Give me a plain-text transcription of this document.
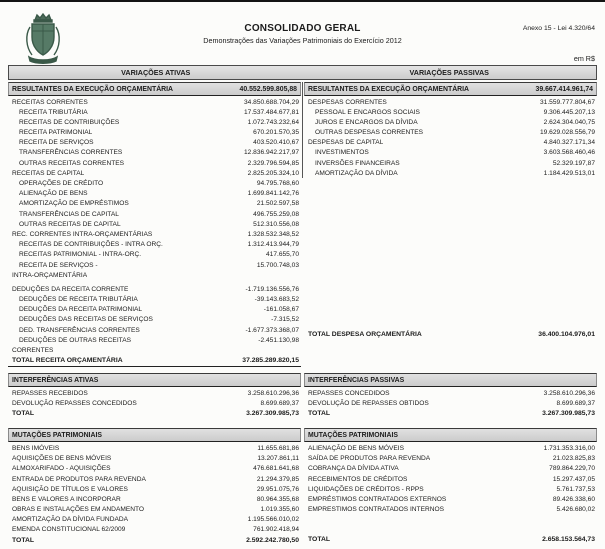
CONSOLIDADO GERAL
Demonstrações das Variações Patrimoniais do Exercício 2012
Anexo 15 - Lei 4.320/64
em R$
VARIAÇÕES ATIVAS	VARIAÇÕES PASSIVAS
RESULTANTES DA EXECUÇÃO ORÇAMENTÁRIA	40.552.599.805,88
RECEITAS CORRENTES	34.850.688.704,29
RECEITA TRIBUTÁRIA	17.537.484.677,81
RECEITAS DE CONTRIBUIÇÕES	1.072.743.232,64
RECEITA PATRIMONIAL	670.201.570,35
RECEITA DE SERVIÇOS	403.520.410,67
TRANSFERÊNCIAS CORRENTES	12.836.942.217,97
OUTRAS RECEITAS CORRENTES	2.329.796.594,85
RECEITAS DE CAPITAL	2.825.205.324,10
OPERAÇÕES DE CRÉDITO	94.795.768,60
ALIENAÇÃO DE BENS	1.699.841.142,76
AMORTIZAÇÃO DE EMPRÉSTIMOS	21.502.597,58
TRANSFERÊNCIAS DE CAPITAL	496.755.259,08
OUTRAS RECEITAS DE CAPITAL	512.310.556,08
REC. CORRENTES INTRA-ORÇAMENTÁRIAS	1.328.532.348,52
RECEITAS DE CONTRIBUIÇÕES - INTRA ORÇ.	1.312.413.944,79
RECEITAS PATRIMONIAL - INTRA-ORÇ.	417.655,70
RECEITA DE SERVIÇOS -	15.700.748,03
INTRA-ORÇAMENTÁRIA
DEDUÇÕES DA RECEITA CORRENTE	-1.719.136.556,76
DEDUÇÕES DE RECEITA TRIBUTÁRIA	-39.143.683,52
DEDUÇÕES DA RECEITA PATRIMONIAL	-161.058,67
DEDUÇÕES DAS RECEITAS DE SERVIÇOS	-7.315,52
DED. TRANSFERÊNCIAS CORRENTES	-1.677.373.368,07
DEDUÇÕES DE OUTRAS RECEITAS	-2.451.130,98
CORRENTES
TOTAL RECEITA ORÇAMENTÁRIA	37.285.289.820,15
RESULTANTES DA EXECUÇÃO ORÇAMENTÁRIA	39.667.414.961,74
DESPESAS CORRENTES	31.559.777.804,67
PESSOAL E ENCARGOS SOCIAIS	9.306.445.207,13
JUROS E ENCARGOS DA DÍVIDA	2.624.304.040,75
OUTRAS DESPESAS CORRENTES	19.629.028.556,79
DESPESAS DE CAPITAL	4.840.327.171,34
INVESTIMENTOS	3.603.568.460,46
INVERSÕES FINANCEIRAS	52.329.197,87
AMORTIZAÇÃO DA DÍVIDA	1.184.429.513,01
TOTAL DESPESA ORÇAMENTÁRIA	36.400.104.976,01
INTERFERÊNCIAS ATIVAS
REPASSES RECEBIDOS	3.258.610.296,36
DEVOLUÇÃO REPASSES CONCEDIDOS	8.699.689,37
TOTAL	3.267.309.985,73
INTERFERÊNCIAS PASSIVAS
REPASSES CONCEDIDOS	3.258.610.296,36
DEVOLUÇÃO DE REPASSES OBTIDOS	8.699.689,37
TOTAL	3.267.309.985,73
MUTAÇÕES PATRIMONIAIS
BENS IMÓVEIS	11.655.681,86
AQUISIÇÕES DE BENS MÓVEIS	13.207.861,11
ALMOXARIFADO - AQUISIÇÕES	476.681.641,68
ENTRADA DE PRODUTOS PARA REVENDA	21.294.379,85
AQUISIÇÃO DE TÍTULOS E VALORES	29.951.075,76
BENS E VALORES A INCORPORAR	80.964.355,68
OBRAS E INSTALAÇÕES EM ANDAMENTO	1.019.355,60
AMORTIZAÇÃO DA DÍVIDA FUNDADA	1.195.566.010,02
EMENDA CONSTITUCIONAL 62/2009	761.902.418,94
TOTAL	2.592.242.780,50
MUTAÇÕES PATRIMONIAIS
ALIENAÇÃO DE BENS MÓVEIS	1.731.353.316,00
SAÍDA DE PRODUTOS PARA REVENDA	21.023.825,83
COBRANÇA DA DÍVIDA ATIVA	789.864.229,70
RECEBIMENTOS DE CRÉDITOS	15.297.437,05
LIQUIDAÇÕES DE CRÉDITOS - RPPS	5.761.737,53
EMPRÉSTIMOS CONTRATADOS EXTERNOS	89.426.338,60
EMPRESTIMOS CONTRATADOS INTERNOS	5.426.680,02
TOTAL	2.658.153.564,73
